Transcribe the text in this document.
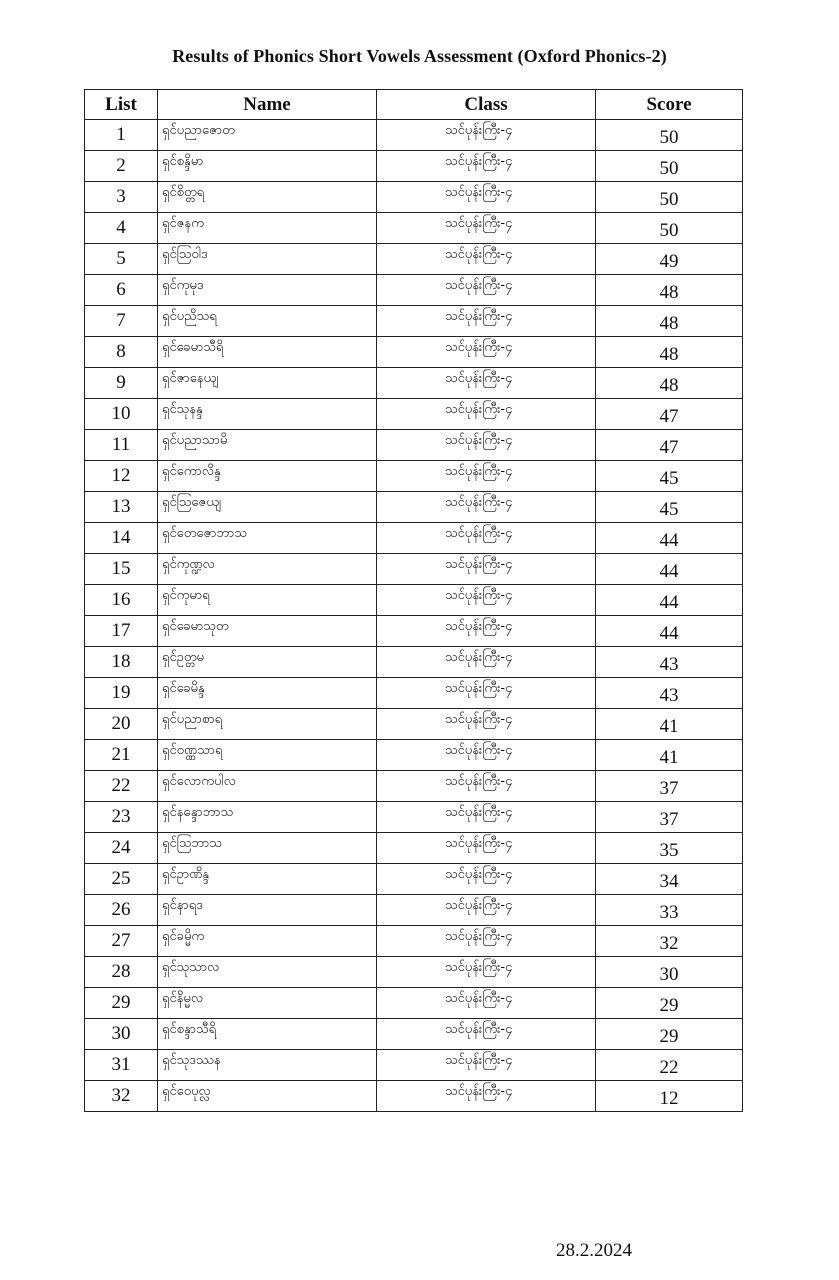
Results of Phonics Short Vowels Assessment (Oxford Phonics-2)
List	Name	Class	Score
1	ရှင်ပညာဇောတ	သင်ပုန်းကြီး-၄	50
2	ရှင်စန္ဒိမာ	သင်ပုန်းကြီး-၄	50
3	ရှင်စိတ္တရ	သင်ပုန်းကြီး-၄	50
4	ရှင်ဇနက	သင်ပုန်းကြီး-၄	50
5	ရှင်ဩဝါဒ	သင်ပုန်းကြီး-၄	49
6	ရှင်ကုမုဒ	သင်ပုန်းကြီး-၄	48
7	ရှင်ပညိသရ	သင်ပုန်းကြီး-၄	48
8	ရှင်ခေမာသီရိ	သင်ပုန်းကြီး-၄	48
9	ရှင်ဇာနေယျ	သင်ပုန်းကြီး-၄	48
10	ရှင်သုနန္ဒ	သင်ပုန်းကြီး-၄	47
11	ရှင်ပညာသာမိ	သင်ပုန်းကြီး-၄	47
12	ရှင်ကောလိန္ဒ	သင်ပုန်းကြီး-၄	45
13	ရှင်ဩဇေယျ	သင်ပုန်းကြီး-၄	45
14	ရှင်တေဇောဘာသ	သင်ပုန်းကြီး-၄	44
15	ရှင်ကုဏ္ဍလ	သင်ပုန်းကြီး-၄	44
16	ရှင်ကုမာရ	သင်ပုန်းကြီး-၄	44
17	ရှင်ခေမာသုတ	သင်ပုန်းကြီး-၄	44
18	ရှင်ဥတ္တမ	သင်ပုန်းကြီး-၄	43
19	ရှင်ခေမိန္ဒ	သင်ပုန်းကြီး-၄	43
20	ရှင်ပညာစာရ	သင်ပုန်းကြီး-၄	41
21	ရှင်ဝဏ္ဏသာရ	သင်ပုန်းကြီး-၄	41
22	ရှင်လောကပါလ	သင်ပုန်းကြီး-၄	37
23	ရှင်နန္ဒောဘာသ	သင်ပုန်းကြီး-၄	37
24	ရှင်ဩဘာသ	သင်ပုန်းကြီး-၄	35
25	ရှင်ဥာဏိန္ဒ	သင်ပုန်းကြီး-၄	34
26	ရှင်နာရဒ	သင်ပုန်းကြီး-၄	33
27	ရှင်ခမ္မိက	သင်ပုန်းကြီး-၄	32
28	ရှင်သုသာလ	သင်ပုန်းကြီး-၄	30
29	ရှင်နိမ္မလ	သင်ပုန်းကြီး-၄	29
30	ရှင်စန္ဒာသီရိ	သင်ပုန်းကြီး-၄	29
31	ရှင်သုဒဿန	သင်ပုန်းကြီး-၄	22
32	ရှင်ဝေပုလ္လ	သင်ပုန်းကြီး-၄	12
28.2.2024
